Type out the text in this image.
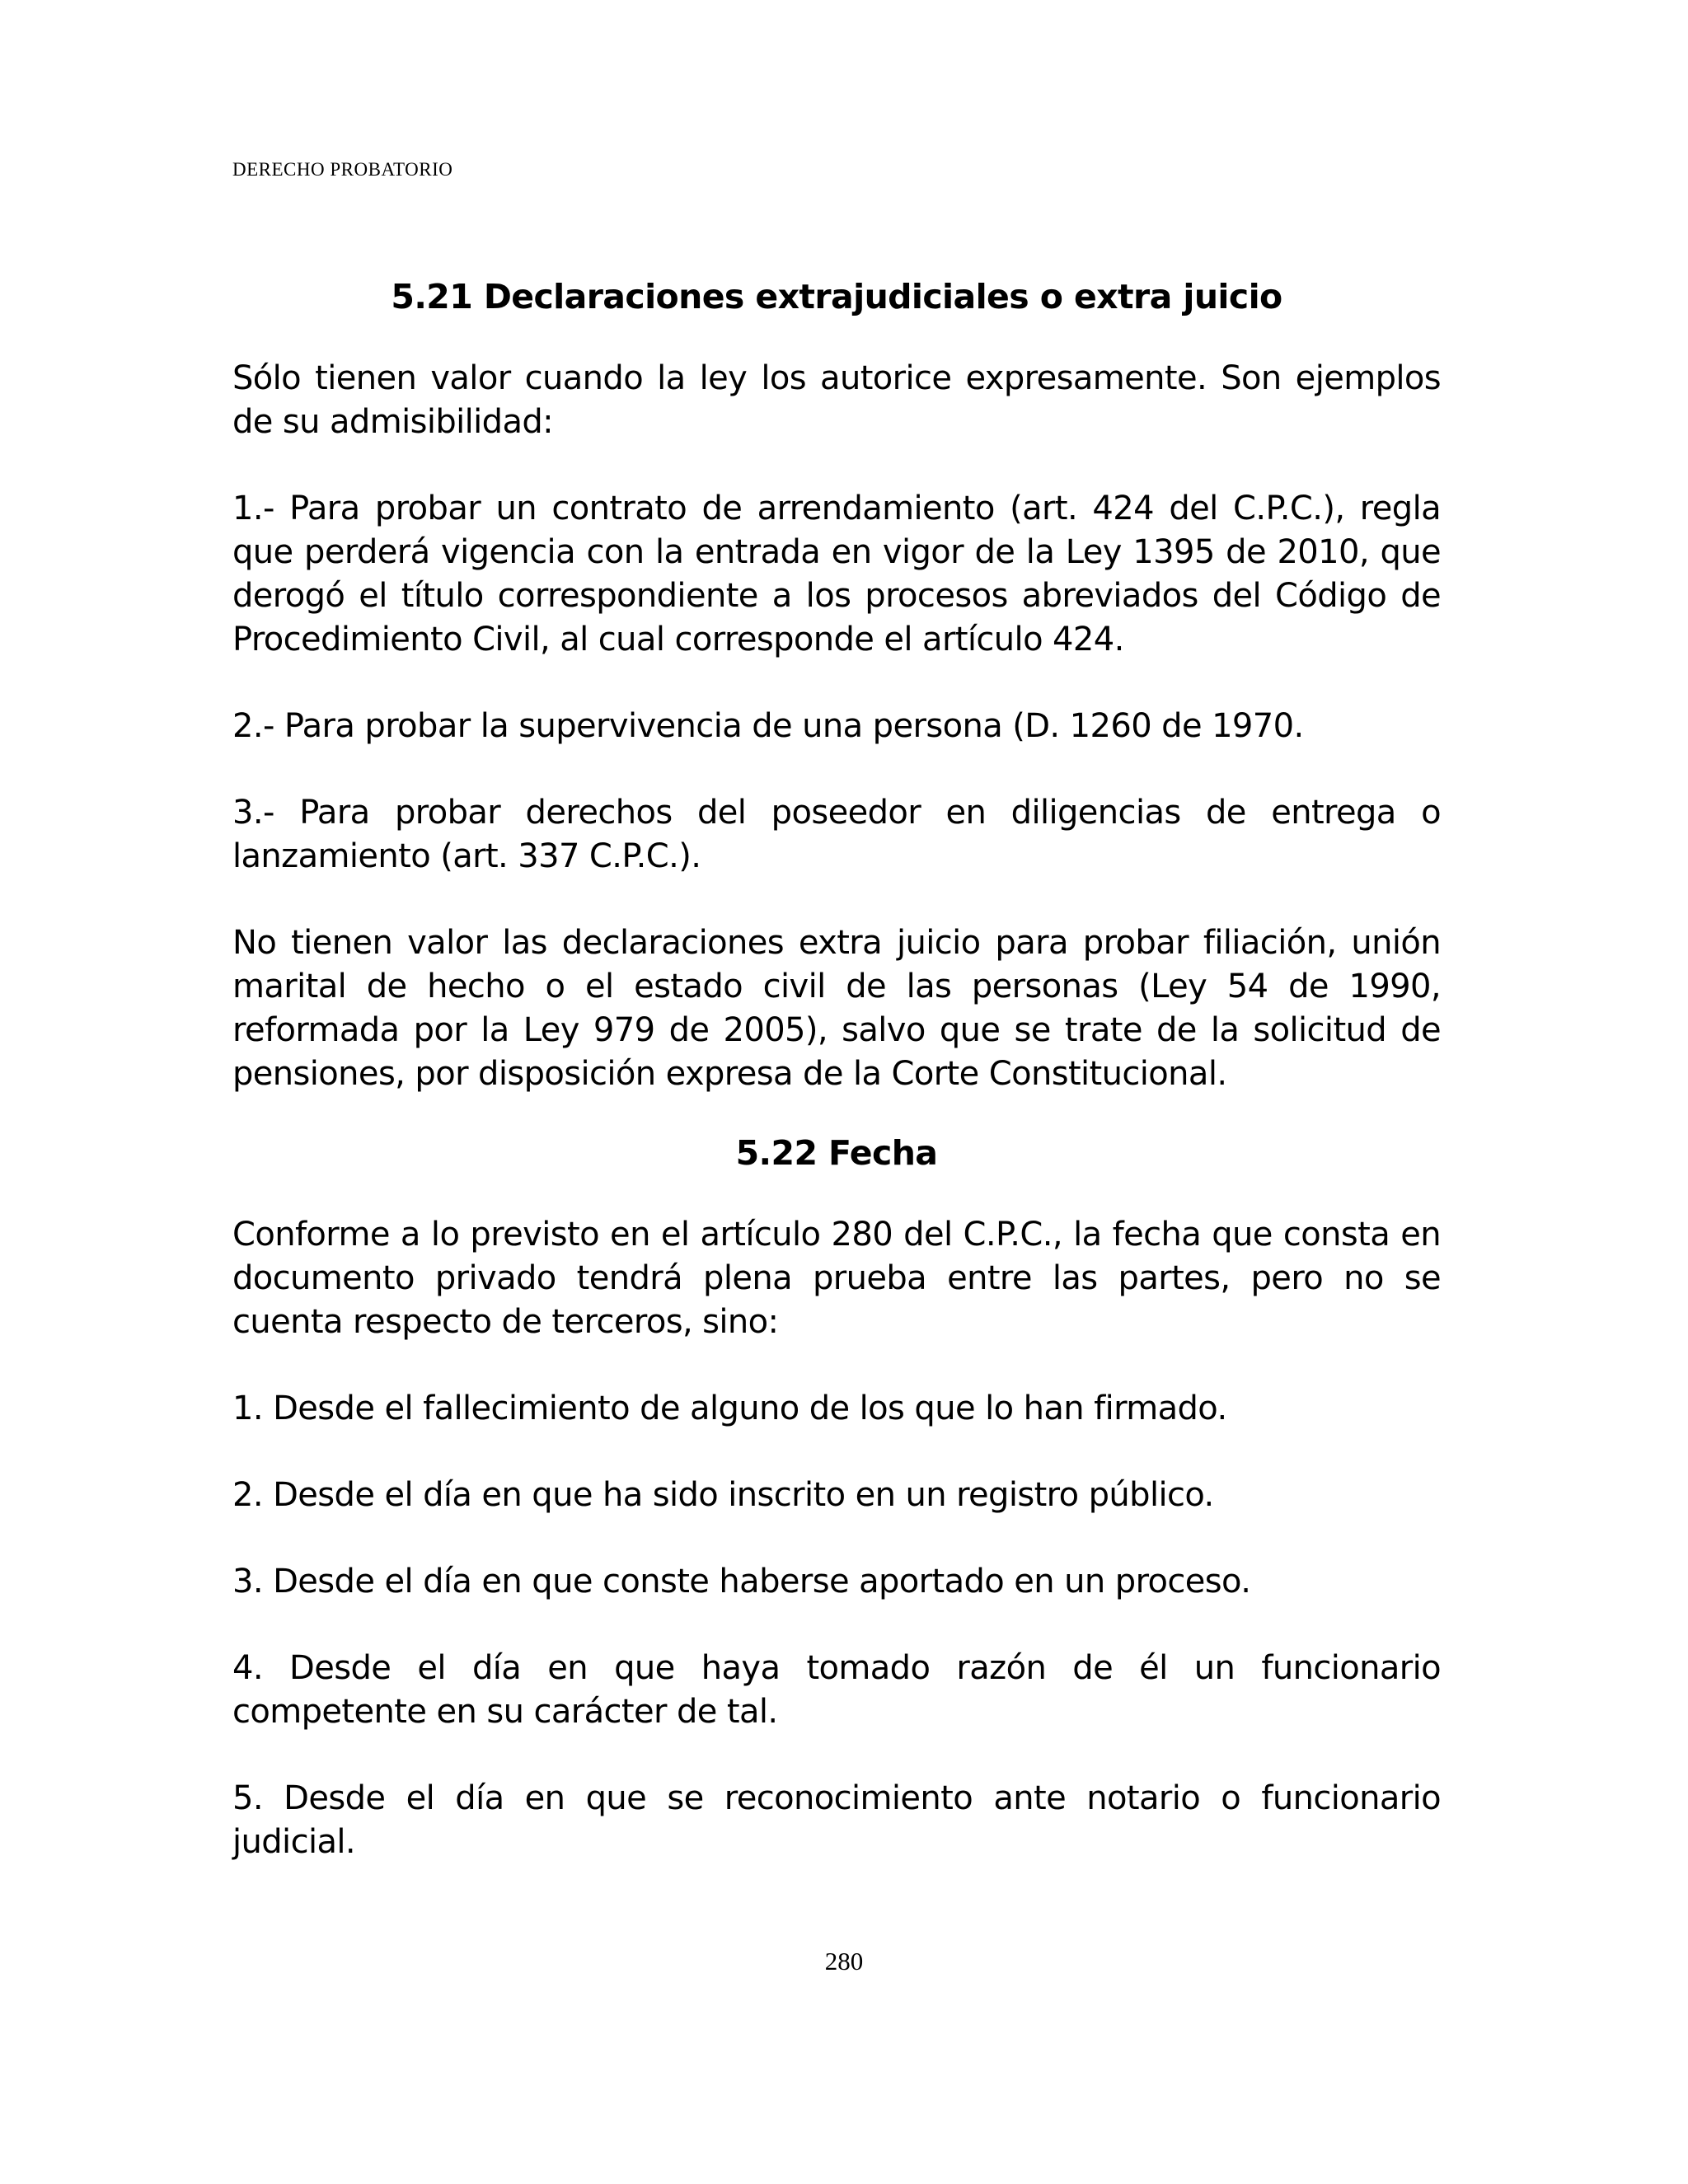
DERECHO PROBATORIO
5.21 Declaraciones extrajudiciales o extra juicio

Sólo tienen valor cuando la ley los autorice expresamente. Son ejemplos de su admisibilidad:

1.- Para probar un contrato de arrendamiento (art. 424 del C.P.C.), regla que perderá vigencia con la entrada en vigor de la Ley 1395 de 2010, que derogó el título correspondiente a los procesos abreviados del Código de Procedimiento Civil, al cual corresponde el artículo 424.

2.- Para probar la supervivencia de una persona (D. 1260 de 1970.

3.- Para probar derechos del poseedor en diligencias de entrega o lanzamiento (art. 337 C.P.C.).

No tienen valor las declaraciones extra juicio para probar filiación, unión marital de hecho o el estado civil de las personas (Ley 54 de 1990, reformada por la Ley 979 de 2005), salvo que se trate de la solicitud de pensiones, por disposición expresa de la Corte Constitucional.

5.22 Fecha

Conforme a lo previsto en el artículo 280 del C.P.C., la fecha que consta en documento privado tendrá plena prueba entre las partes, pero no se cuenta respecto de terceros, sino:

1. Desde el fallecimiento de alguno de los que lo han firmado.

2. Desde el día en que ha sido inscrito en un registro público.

3. Desde el día en que conste haberse aportado en un proceso.

4. Desde el día en que haya tomado razón de él un funcionario competente en su carácter de tal.

5. Desde el día en que se reconocimiento ante notario o funcionario judicial.

280
